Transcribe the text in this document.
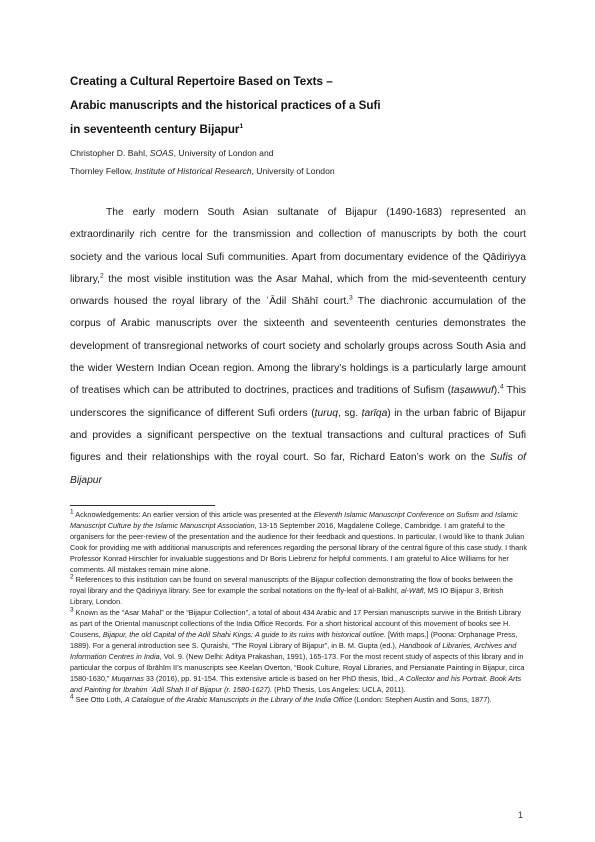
Creating a Cultural Repertoire Based on Texts –
Arabic manuscripts and the historical practices of a Sufi
in seventeenth century Bijapur$^1$
Christopher D. Bahl, SOAS, University of London and
Thornley Fellow, Institute of Historical Research, University of London

The early modern South Asian sultanate of Bijapur (1490-1683) represented an extraordinarily rich centre for the transmission and collection of manuscripts by both the court society and the various local Sufi communities. Apart from documentary evidence of the Qādiriyya library,$^2$ the most visible institution was the Asar Mahal, which from the mid-seventeenth century onwards housed the royal library of the ʿĀdil Shāhī court.$^3$ The diachronic accumulation of the corpus of Arabic manuscripts over the sixteenth and seventeenth centuries demonstrates the development of transregional networks of court society and scholarly groups across South Asia and the wider Western Indian Ocean region. Among the library’s holdings is a particularly large amount of treatises which can be attributed to doctrines, practices and traditions of Sufism (taṣawwuf).$^4$ This underscores the significance of different Sufi orders (ṭuruq, sg. ṭarīqa) in the urban fabric of Bijapur and provides a significant perspective on the textual transactions and cultural practices of Sufi figures and their relationships with the royal court. So far, Richard Eaton’s work on the Sufis of Bijapur

$^1$ Acknowledgements: An earlier version of this article was presented at the Eleventh Islamic Manuscript Conference on Sufism and Islamic Manuscript Culture by the Islamic Manuscript Association, 13-15 September 2016, Magdalene College, Cambridge. I am grateful to the organisers for the peer-review of the presentation and the audience for their feedback and questions. In particular, I would like to thank Julian Cook for providing me with additional manuscripts and references regarding the personal library of the central figure of this case study. I thank Professor Konrad Hirschler for invaluable suggestions and Dr Boris Liebrenz for helpful comments. I am grateful to Alice Williams for her comments. All mistakes remain mine alone.

$^2$ References to this institution can be found on several manuscripts of the Bijapur collection demonstrating the flow of books between the royal library and the Qādiriyya library. See for example the scribal notations on the fly-leaf of al-Balkhī, al-Wāfī, MS IO Bijapur 3, British Library, London.

$^3$ Known as the “Asar Mahal” or the “Bijapur Collection”, a total of about 434 Arabic and 17 Persian manuscripts survive in the British Library as part of the Oriental manuscript collections of the India Office Records. For a short historical account of this movement of books see H. Cousens, Bijapur, the old Capital of the Adil Shahi Kings: A guide to its ruins with historical outline. [With maps.] (Poona: Orphanage Press, 1889). For a general introduction see S. Quraishi, “The Royal Library of Bijapur”, in B. M. Gupta (ed.), Handbook of Libraries, Archives and Information Centres in India, Vol. 9. (New Delhi: Aditya Prakashan, 1991), 165-173. For the most recent study of aspects of this library and in particular the corpus of Ibrāhīm II’s manuscripts see Keelan Overton, “Book Culture, Royal Libraries, and Persianate Painting in Bijapur, circa 1580-1630,” Muqarnas 33 (2016), pp. 91-154. This extensive article is based on her PhD thesis, Ibid., A Collector and his Portrait. Book Arts and Painting for Ibrahim ʿAdil Shah II of Bijapur (r. 1580-1627). (PhD Thesis, Los Angeles: UCLA, 2011).

$^4$ See Otto Loth, A Catalogue of the Arabic Manuscripts in the Library of the India Office (London: Stephen Austin and Sons, 1877).

1
